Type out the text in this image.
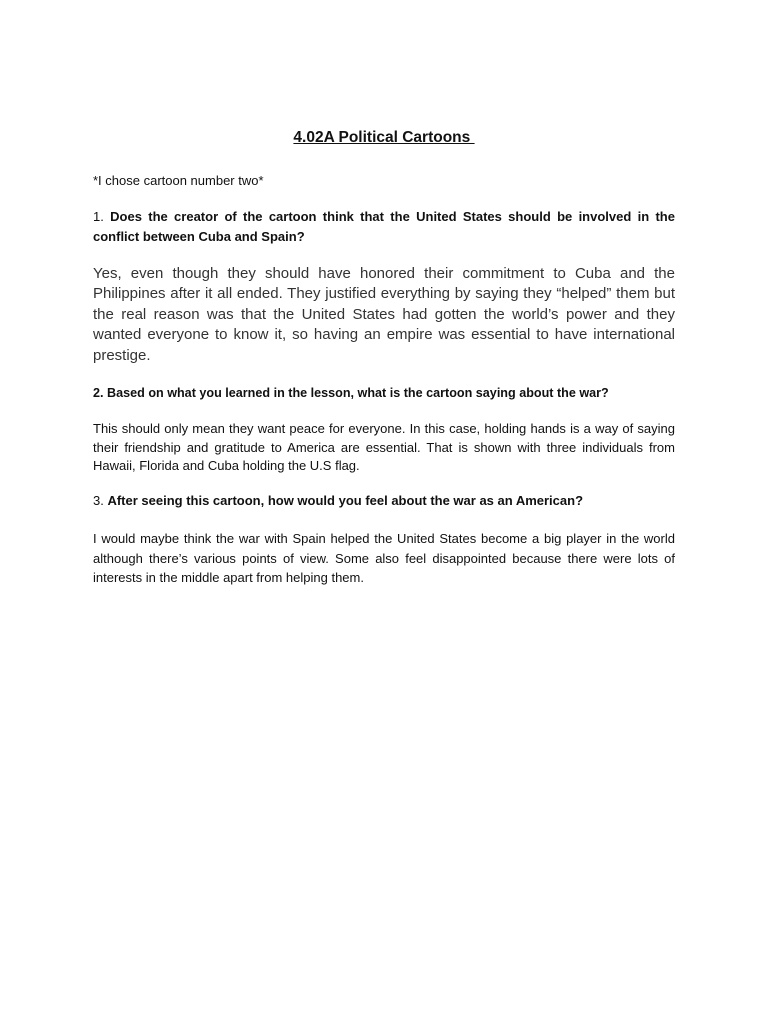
4.02A Political Cartoons
*I chose cartoon number two*
1. Does the creator of the cartoon think that the United States should be involved in the conflict between Cuba and Spain?
Yes, even though they should have honored their commitment to Cuba and the Philippines after it all ended. They justified everything by saying they “helped” them but the real reason was that the United States had gotten the world’s power and they wanted everyone to know it, so having an empire was essential to have international prestige.
2. Based on what you learned in the lesson, what is the cartoon saying about the war?
This should only mean they want peace for everyone. In this case, holding hands is a way of saying their friendship and gratitude to America are essential. That is shown with three individuals from Hawaii, Florida and Cuba holding the U.S flag.
3. After seeing this cartoon, how would you feel about the war as an American?
I would maybe think the war with Spain helped the United States become a big player in the world although there’s various points of view. Some also feel disappointed because there were lots of interests in the middle apart from helping them.
